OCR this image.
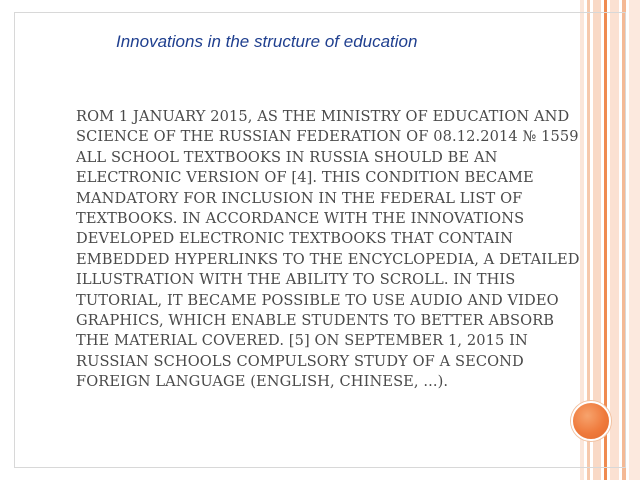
Innovations in the structure of education
ROM 1 JANUARY 2015, AS THE MINISTRY OF EDUCATION AND SCIENCE OF THE RUSSIAN FEDERATION OF 08.12.2014 № 1559 ALL SCHOOL TEXTBOOKS IN RUSSIA SHOULD BE AN ELECTRONIC VERSION OF [4]. THIS CONDITION BECAME MANDATORY FOR INCLUSION IN THE FEDERAL LIST OF TEXTBOOKS. IN ACCORDANCE WITH THE INNOVATIONS DEVELOPED ELECTRONIC TEXTBOOKS THAT CONTAIN EMBEDDED HYPERLINKS TO THE ENCYCLOPEDIA, A DETAILED ILLUSTRATION WITH THE ABILITY TO SCROLL. IN THIS TUTORIAL, IT BECAME POSSIBLE TO USE AUDIO AND VIDEO GRAPHICS, WHICH ENABLE STUDENTS TO BETTER ABSORB THE MATERIAL COVERED. [5] ON SEPTEMBER 1, 2015 IN RUSSIAN SCHOOLS COMPULSORY STUDY OF A SECOND FOREIGN LANGUAGE (ENGLISH, CHINESE, ...).
